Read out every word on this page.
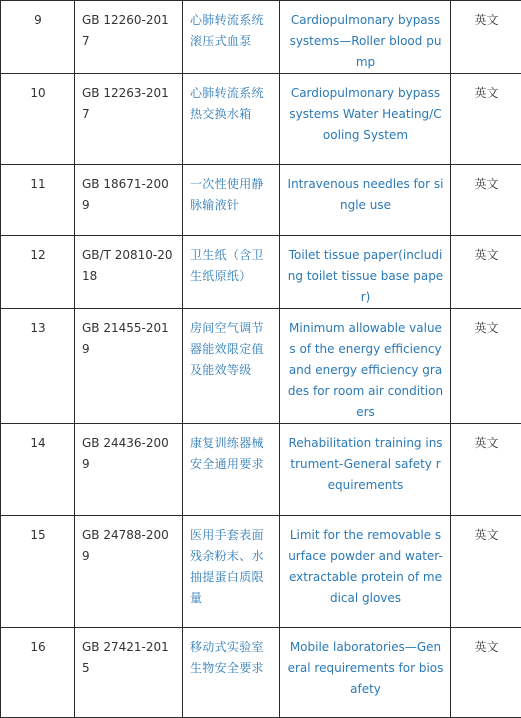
9	GB 12260-2017	心肺转流系统滚压式血泵	Cardiopulmonary bypass systems—Roller blood pump	英文
10	GB 12263-2017	心肺转流系统热交换水箱	Cardiopulmonary bypass systems Water Heating/Cooling System	英文
11	GB 18671-2009	一次性使用静脉输液针	Intravenous needles for single use	英文
12	GB/T 20810-2018	卫生纸（含卫生纸原纸）	Toilet tissue paper(including toilet tissue base paper)	英文
13	GB 21455-2019	房间空气调节器能效限定值及能效等级	Minimum allowable values of the energy efficiency and energy efficiency grades for room air conditioners	英文
14	GB 24436-2009	康复训练器械安全通用要求	Rehabilitation training instrument-General safety requirements	英文
15	GB 24788-2009	医用手套表面残余粉末、水抽提蛋白质限量	Limit for the removable surface powder and water-extractable protein of medical gloves	英文
16	GB 27421-2015	移动式实验室生物安全要求	Mobile laboratories—General requirements for biosafety	英文
